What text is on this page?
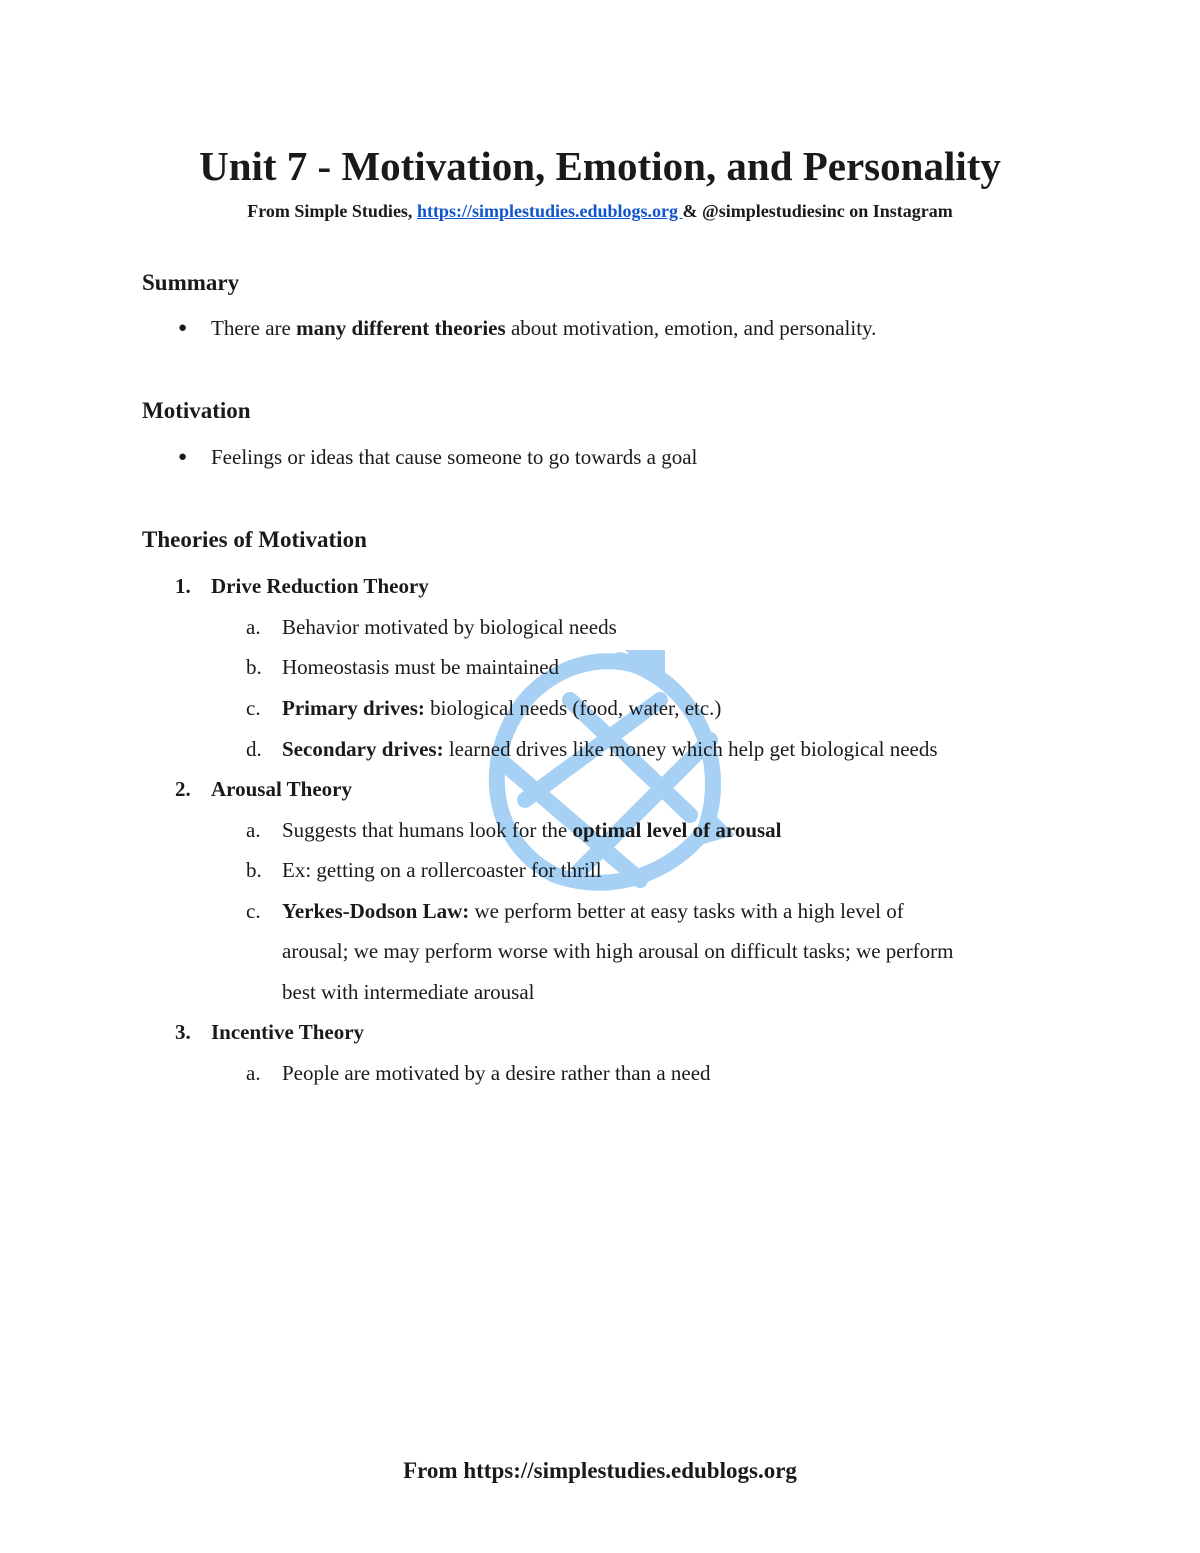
Unit 7 - Motivation, Emotion, and Personality
From Simple Studies, https://simplestudies.edublogs.org & @simplestudiesinc on Instagram
Summary
● There are many different theories about motivation, emotion, and personality.
Motivation
● Feelings or ideas that cause someone to go towards a goal
Theories of Motivation
1. Drive Reduction Theory
a. Behavior motivated by biological needs
b. Homeostasis must be maintained
c. Primary drives: biological needs (food, water, etc.)
d. Secondary drives: learned drives like money which help get biological needs
2. Arousal Theory
a. Suggests that humans look for the optimal level of arousal
b. Ex: getting on a rollercoaster for thrill
c. Yerkes-Dodson Law: we perform better at easy tasks with a high level of
arousal; we may perform worse with high arousal on difficult tasks; we perform
best with intermediate arousal
3. Incentive Theory
a. People are motivated by a desire rather than a need
From https://simplestudies.edublogs.org
